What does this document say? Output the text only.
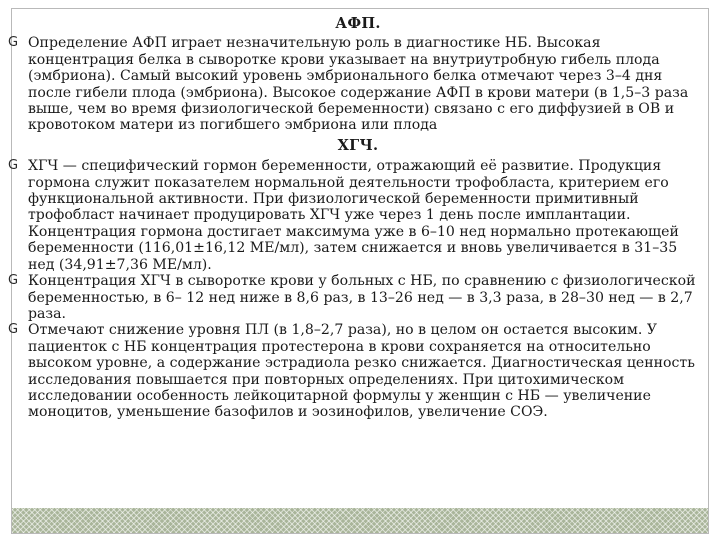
АФП.

G Определение АФП играет незначительную роль в диагностике НБ. Высокая концентрация белка в сыворотке крови указывает на внутриутробную гибель плода (эмбриона). Самый высокий уровень эмбрионального белка отмечают через 3–4 дня после гибели плода (эмбриона). Высокое содержание АФП в крови матери (в 1,5–3 раза выше, чем во время физиологической беременности) связано с его диффузией в ОВ и кровотоком матери из погибшего эмбриона или плода

ХГЧ.

G ХГЧ — специфический гормон беременности, отражающий её развитие. Продукция гормона служит показателем нормальной деятельности трофобласта, критерием его функциональной активности. При физиологической беременности примитивный трофобласт начинает продуцировать ХГЧ уже через 1 день после имплантации. Концентрация гормона достигает максимума уже в 6–10 нед нормально протекающей беременности (116,01±16,12 МЕ/мл), затем снижается и вновь увеличивается в 31–35 нед (34,91±7,36 МЕ/мл).

G Концентрация ХГЧ в сыворотке крови у больных с НБ, по сравнению с физиологической беременностью, в 6– 12 нед ниже в 8,6 раз, в 13–26 нед — в 3,3 раза, в 28–30 нед — в 2,7 раза.

G Отмечают снижение уровня ПЛ (в 1,8–2,7 раза), но в целом он остается высоким. У пациенток с НБ концентрация протестерона в крови сохраняется на относительно высоком уровне, а содержание эстрадиола резко снижается. Диагностическая ценность исследования повышается при повторных определениях. При цитохимическом исследовании особенность лейкоцитарной формулы у женщин с НБ — увеличение моноцитов, уменьшение базофилов и эозинофилов, увеличение СОЭ.
